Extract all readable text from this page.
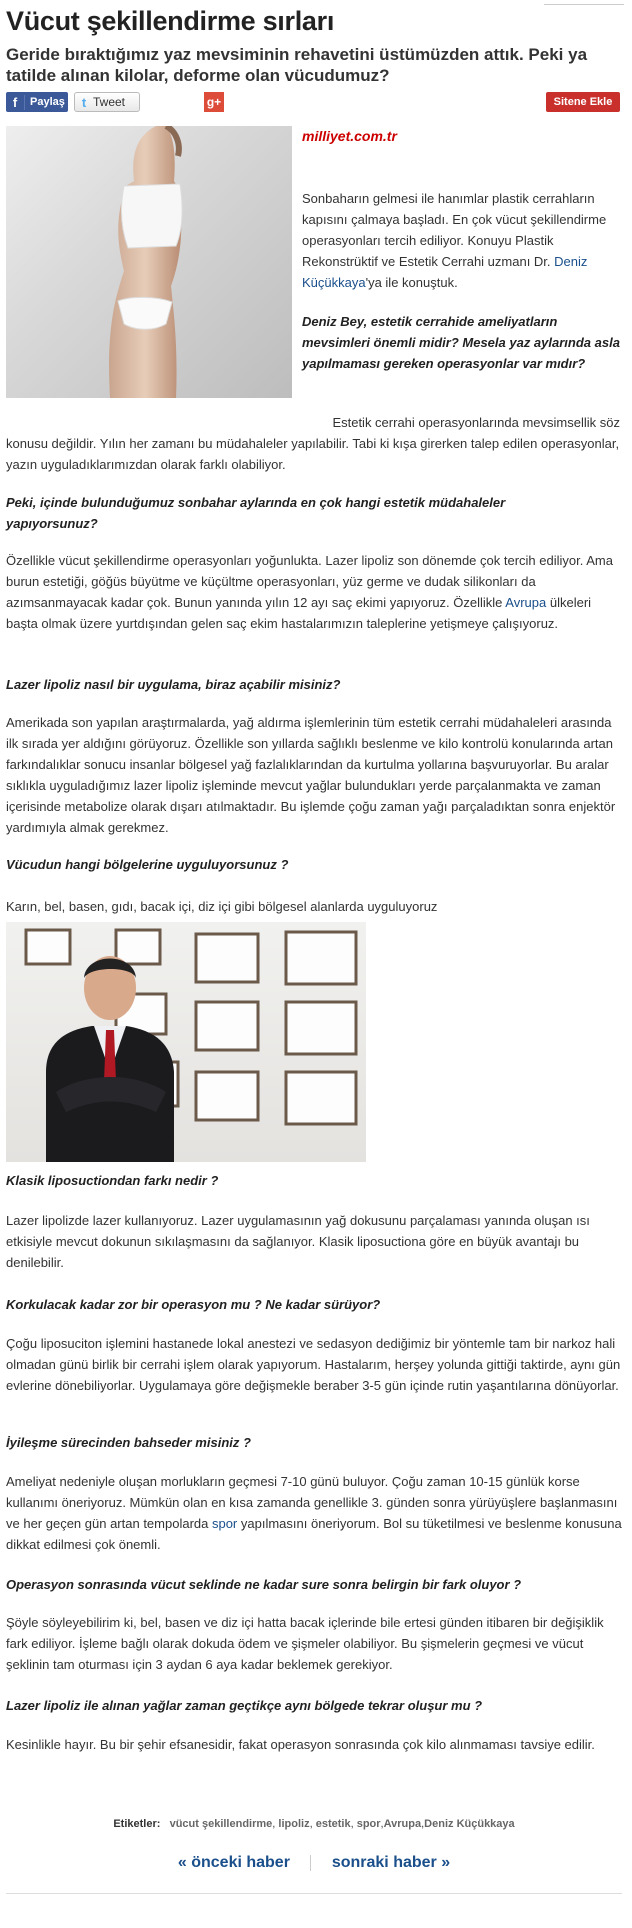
Vücut şekillendirme sırları
Geride bıraktığımız yaz mevsiminin rehavetini üstümüzden attık. Peki ya tatilde alınan kilolar, deforme olan vücudumuz?
f	Paylaş	t Tweet	g+	Sitene Ekle
milliyet.com.tr
Sonbaharın gelmesi ile hanımlar plastik cerrahların kapısını çalmaya başladı. En çok vücut şekillendirme operasyonları tercih ediliyor. Konuyu Plastik Rekonstrüktif ve Estetik Cerrahi uzmanı Dr. Deniz Küçükkaya'ya ile konuştuk.
Deniz Bey, estetik cerrahide ameliyatların mevsimleri önemli midir? Mesela yaz aylarında asla yapılmaması gereken operasyonlar var mıdır?
Estetik cerrahi operasyonlarında mevsimsellik söz
konusu değildir. Yılın her zamanı bu müdahaleler yapılabilir. Tabi ki kışa girerken talep edilen operasyonlar, yazın uyguladıklarımızdan olarak farklı olabiliyor.
Peki, içinde bulunduğumuz sonbahar aylarında en çok hangi estetik müdahaleler yapıyorsunuz?
Özellikle vücut şekillendirme operasyonları yoğunlukta. Lazer lipoliz son dönemde çok tercih ediliyor. Ama burun estetiği, göğüs büyütme ve küçültme operasyonları, yüz germe ve dudak silikonları da azımsanmayacak kadar çok. Bunun yanında yılın 12 ayı saç ekimi yapıyoruz. Özellikle Avrupa ülkeleri başta olmak üzere yurtdışından gelen saç ekim hastalarımızın taleplerine yetişmeye çalışıyoruz.
Lazer lipoliz nasıl bir uygulama, biraz açabilir misiniz?
Amerikada son yapılan araştırmalarda, yağ aldırma işlemlerinin tüm estetik cerrahi müdahaleleri arasında ilk sırada yer aldığını görüyoruz. Özellikle son yıllarda sağlıklı beslenme ve kilo kontrolü konularında artan farkındalıklar sonucu insanlar bölgesel yağ fazlalıklarından da kurtulma yollarına başvuruyorlar. Bu aralar sıklıkla uyguladığımız lazer lipoliz işleminde mevcut yağlar bulundukları yerde parçalanmakta ve zaman içerisinde metabolize olarak dışarı atılmaktadır. Bu işlemde çoğu zaman yağı parçaladıktan sonra enjektör yardımıyla almak gerekmez.
Vücudun hangi bölgelerine uyguluyorsunuz ?
Karın, bel, basen, gıdı, bacak içi, diz içi gibi bölgesel alanlarda uyguluyoruz
Klasik liposuctiondan farkı nedir ?
Lazer lipolizde lazer kullanıyoruz. Lazer uygulamasının yağ dokusunu parçalaması yanında oluşan ısı etkisiyle mevcut dokunun sıkılaşmasını da sağlanıyor. Klasik liposuctiona göre en büyük avantajı bu denilebilir.
Korkulacak kadar zor bir operasyon mu ? Ne kadar sürüyor?
Çoğu liposuciton işlemini hastanede lokal anestezi ve sedasyon dediğimiz bir yöntemle tam bir narkoz hali olmadan günü birlik bir cerrahi işlem olarak yapıyorum. Hastalarım, herşey yolunda gittiği taktirde, aynı gün evlerine dönebiliyorlar. Uygulamaya göre değişmekle beraber 3-5 gün içinde rutin yaşantılarına dönüyorlar.
İyileşme sürecinden bahseder misiniz ?
Ameliyat nedeniyle oluşan morlukların geçmesi 7-10 günü buluyor. Çoğu zaman 10-15 günlük korse kullanımı öneriyoruz. Mümkün olan en kısa zamanda genellikle 3. günden sonra yürüyüşlere başlanmasını ve her geçen gün artan tempolarda spor yapılmasını öneriyorum. Bol su tüketilmesi ve beslenme konusuna dikkat edilmesi çok önemli.
Operasyon sonrasında vücut seklinde ne kadar sure sonra belirgin bir fark oluyor ?
Şöyle söyleyebilirim ki, bel, basen ve diz içi hatta bacak içlerinde bile ertesi günden itibaren bir değişiklik fark ediliyor. İşleme bağlı olarak dokuda ödem ve şişmeler olabiliyor. Bu şişmelerin geçmesi ve vücut şeklinin tam oturması için 3 aydan 6 aya kadar beklemek gerekiyor.
Lazer lipoliz ile alınan yağlar zaman geçtikçe aynı bölgede tekrar oluşur mu ?
Kesinlikle hayır. Bu bir şehir efsanesidir, fakat operasyon sonrasında çok kilo alınmaması tavsiye edilir.
Etiketler: vücut şekillendirme, lipoliz, estetik, spor,Avrupa,Deniz Küçükkaya
« önceki haber	sonraki haber »
